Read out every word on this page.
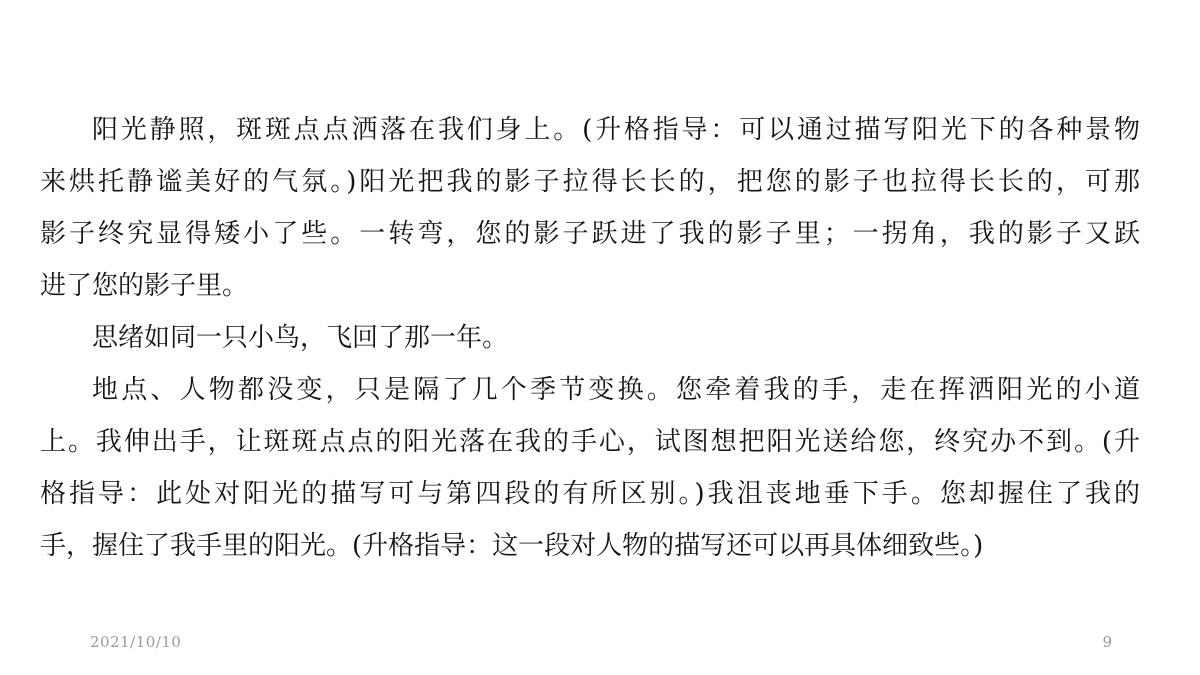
阳光静照，斑斑点点洒落在我们身上。(升格指导：可以通过描写阳光下的各种景物
来烘托静谧美好的气氛。)阳光把我的影子拉得长长的，把您的影子也拉得长长的，可那
影子终究显得矮小了些。一转弯，您的影子跃进了我的影子里；一拐角，我的影子又跃
进了您的影子里。
思绪如同一只小鸟，飞回了那一年。
地点、人物都没变，只是隔了几个季节变换。您牵着我的手，走在挥洒阳光的小道
上。我伸出手，让斑斑点点的阳光落在我的手心，试图想把阳光送给您，终究办不到。(升
格指导：此处对阳光的描写可与第四段的有所区别。)我沮丧地垂下手。您却握住了我的
手，握住了我手里的阳光。(升格指导：这一段对人物的描写还可以再具体细致些。)
2021/10/10	9
